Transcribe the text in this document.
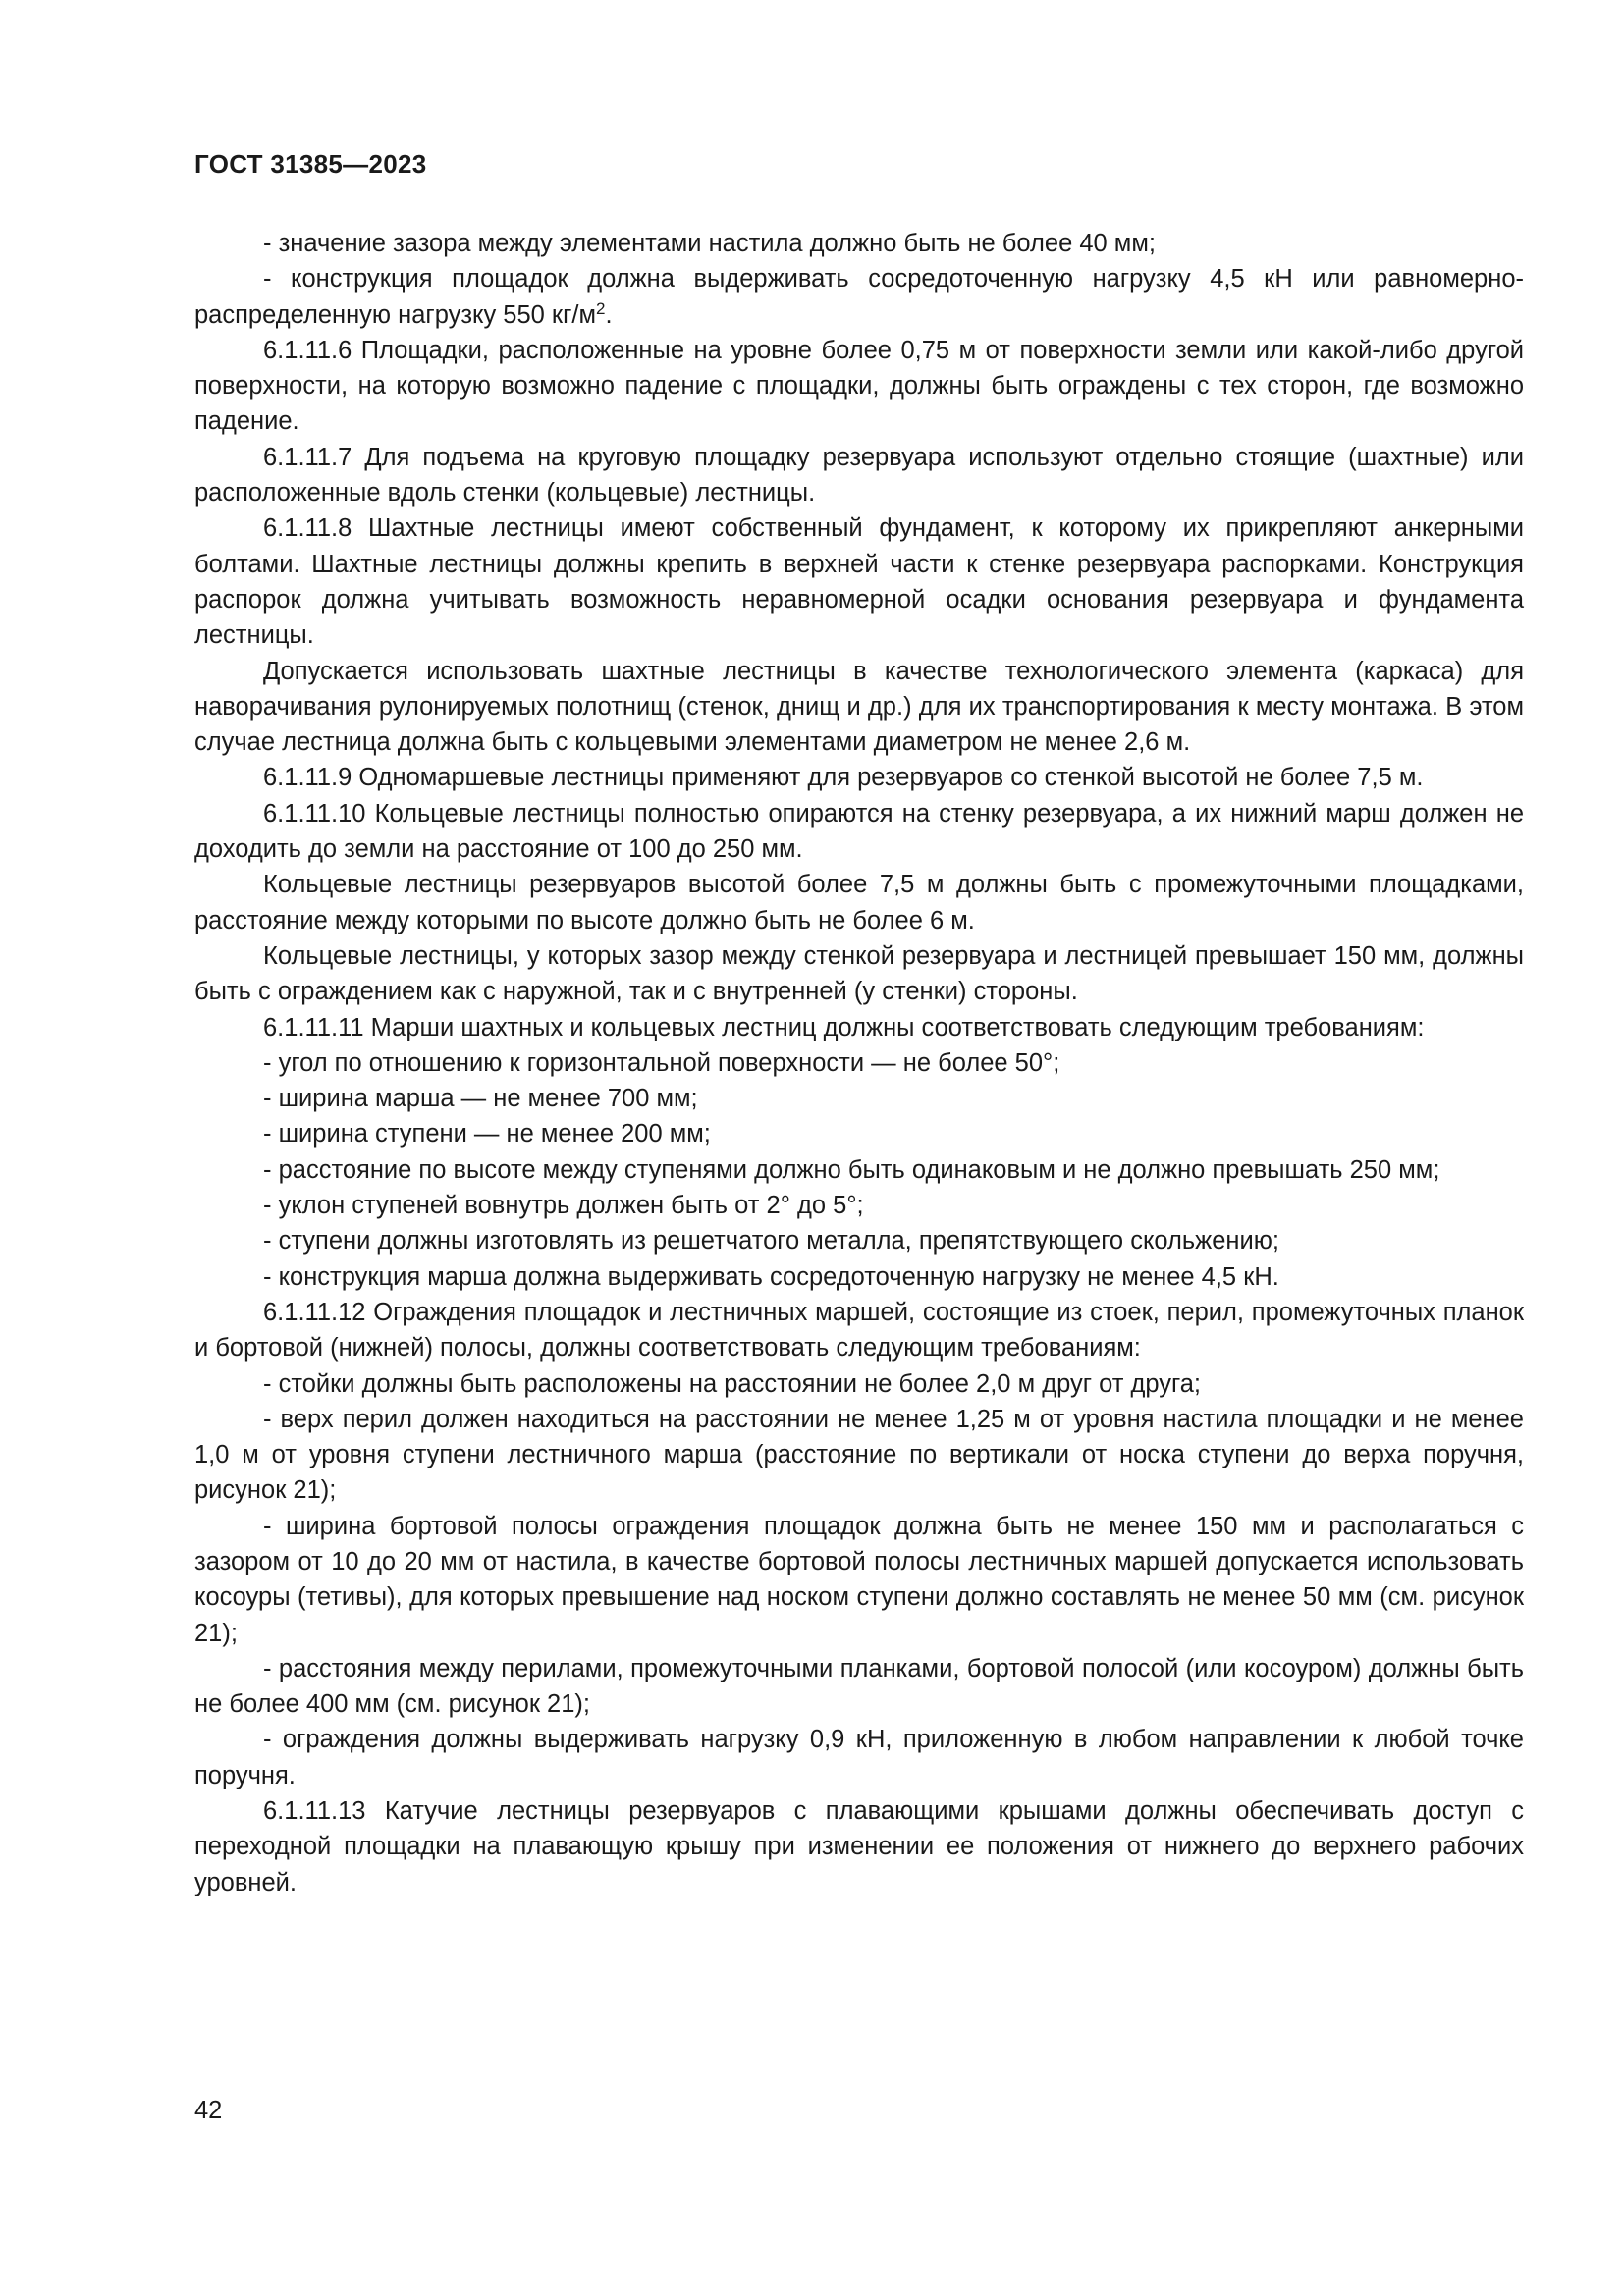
ГОСТ 31385—2023

- значение зазора между элементами настила должно быть не более 40 мм;

- конструкция площадок должна выдерживать сосредоточенную нагрузку 4,5 кН или равномерно-распределенную нагрузку 550 $кг/м^2$.

6.1.11.6 Площадки, расположенные на уровне более 0,75 м от поверхности земли или какой-либо другой поверхности, на которую возможно падение с площадки, должны быть ограждены с тех сторон, где возможно падение.

6.1.11.7 Для подъема на круговую площадку резервуара используют отдельно стоящие (шахтные) или расположенные вдоль стенки (кольцевые) лестницы.

6.1.11.8 Шахтные лестницы имеют собственный фундамент, к которому их прикрепляют анкерными болтами. Шахтные лестницы должны крепить в верхней части к стенке резервуара распорками. Конструкция распорок должна учитывать возможность неравномерной осадки основания резервуара и фундамента лестницы.

Допускается использовать шахтные лестницы в качестве технологического элемента (каркаса) для наворачивания рулонируемых полотнищ (стенок, днищ и др.) для их транспортирования к месту монтажа. В этом случае лестница должна быть с кольцевыми элементами диаметром не менее 2,6 м.

6.1.11.9 Одномаршевые лестницы применяют для резервуаров со стенкой высотой не более 7,5 м.

6.1.11.10 Кольцевые лестницы полностью опираются на стенку резервуара, а их нижний марш должен не доходить до земли на расстояние от 100 до 250 мм.

Кольцевые лестницы резервуаров высотой более 7,5 м должны быть с промежуточными площадками, расстояние между которыми по высоте должно быть не более 6 м.

Кольцевые лестницы, у которых зазор между стенкой резервуара и лестницей превышает 150 мм, должны быть с ограждением как с наружной, так и с внутренней (у стенки) стороны.

6.1.11.11 Марши шахтных и кольцевых лестниц должны соответствовать следующим требованиям:

- угол по отношению к горизонтальной поверхности — не более 50°;

- ширина марша — не менее 700 мм;

- ширина ступени — не менее 200 мм;

- расстояние по высоте между ступенями должно быть одинаковым и не должно превышать 250 мм;

- уклон ступеней вовнутрь должен быть от 2° до 5°;

- ступени должны изготовлять из решетчатого металла, препятствующего скольжению;

- конструкция марша должна выдерживать сосредоточенную нагрузку не менее 4,5 кН.

6.1.11.12 Ограждения площадок и лестничных маршей, состоящие из стоек, перил, промежуточных планок и бортовой (нижней) полосы, должны соответствовать следующим требованиям:

- стойки должны быть расположены на расстоянии не более 2,0 м друг от друга;

- верх перил должен находиться на расстоянии не менее 1,25 м от уровня настила площадки и не менее 1,0 м от уровня ступени лестничного марша (расстояние по вертикали от носка ступени до верха поручня, рисунок 21);

- ширина бортовой полосы ограждения площадок должна быть не менее 150 мм и располагаться с зазором от 10 до 20 мм от настила, в качестве бортовой полосы лестничных маршей допускается использовать косоуры (тетивы), для которых превышение над носком ступени должно составлять не менее 50 мм (см. рисунок 21);

- расстояния между перилами, промежуточными планками, бортовой полосой (или косоуром) должны быть не более 400 мм (см. рисунок 21);

- ограждения должны выдерживать нагрузку 0,9 кН, приложенную в любом направлении к любой точке поручня.

6.1.11.13 Катучие лестницы резервуаров с плавающими крышами должны обеспечивать доступ с переходной площадки на плавающую крышу при изменении ее положения от нижнего до верхнего рабочих уровней.

42
